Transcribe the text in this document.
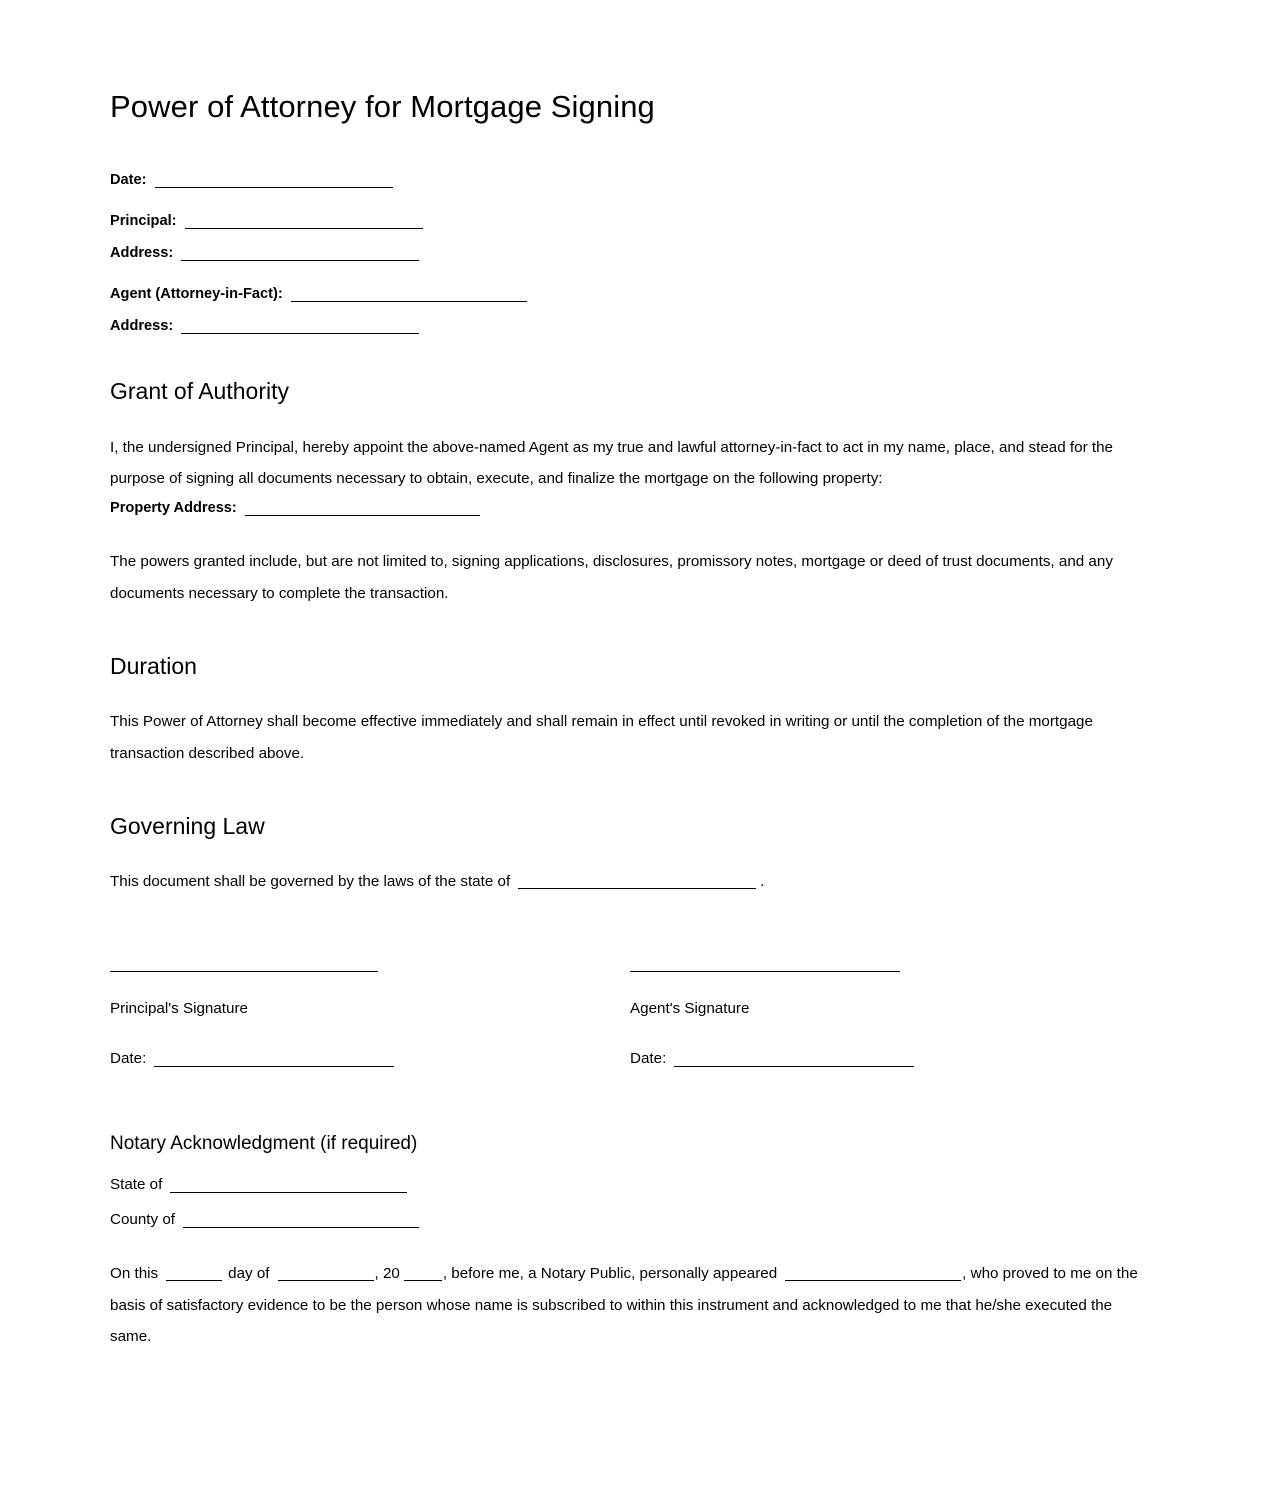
Power of Attorney for Mortgage Signing
Date:
Principal:
Address:
Agent (Attorney-in-Fact):
Address:
Grant of Authority

I, the undersigned Principal, hereby appoint the above-named Agent as my true and lawful attorney-in-fact to act in my name, place, and stead for the purpose of signing all documents necessary to obtain, execute, and finalize the mortgage on the following property:

Property Address:

The powers granted include, but are not limited to, signing applications, disclosures, promissory notes, mortgage or deed of trust documents, and any documents necessary to complete the transaction.

Duration

This Power of Attorney shall become effective immediately and shall remain in effect until revoked in writing or until the completion of the mortgage transaction described above.

Governing Law

This document shall be governed by the laws of the state of	.

Principal's Signature
Date:
Agent's Signature
Date:
Notary Acknowledgment (if required)
State of
County of

On this	day of	, 20	, before me, a Notary Public, personally appeared	, who proved to me on the basis of satisfactory evidence to be the person whose name is subscribed to within this instrument and acknowledged to me that he/she executed the same.
